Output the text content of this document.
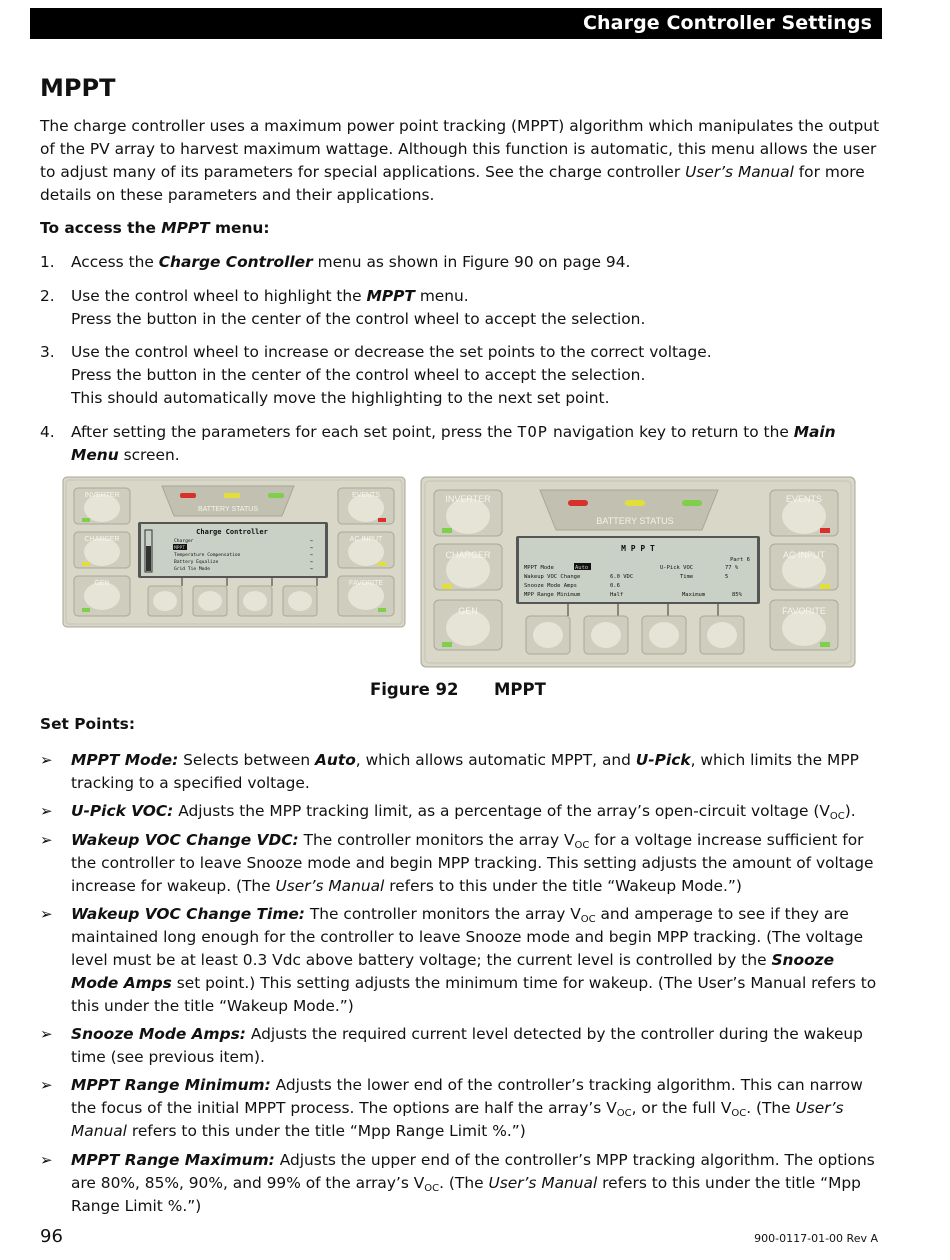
Charge Controller Settings
MPPT
The charge controller uses a maximum power point tracking (MPPT) algorithm which manipulates the output of the PV array to harvest maximum wattage. Although this function is automatic, this menu allows the user to adjust many of its parameters for special applications. See the charge controller User’s Manual for more details on these parameters and their applications.
To access the MPPT menu:
1. Access the Charge Controller menu as shown in Figure 90 on page 94.
2. Use the control wheel to highlight the MPPT menu.
Press the button in the center of the control wheel to accept the selection.
3. Use the control wheel to increase or decrease the set points to the correct voltage.
Press the button in the center of the control wheel to accept the selection.
This should automatically move the highlighting to the next set point.
4. After setting the parameters for each set point, press the TOP navigation key to return to the Main Menu screen.
BATTERY STATUS
INVERTER
CHARGER
GEN
EVENTS
AC INPUT
FAVORITE
Charge Controller
Charger
MPPT
Temperature Compensation
Battery Equalize
Grid Tie Mode
→
→
→
→
→
BATTERY STATUS
INVERTER
CHARGER
GEN
EVENTS
AC INPUT
FAVORITE
M P P T
Part 6
MPPT Mode	Auto	U-Pick VOC	77 %
Wakeup VOC Change	6.0 VDC	Time	5
Snooze Mode Amps	0.6
MPP Range Minimum	Half	Maximum	85%
Figure 92 MPPT
Set Points:
➢ MPPT Mode: Selects between Auto, which allows automatic MPPT, and U-Pick, which limits the MPP tracking to a specified voltage.
➢ U-Pick VOC: Adjusts the MPP tracking limit, as a percentage of the array’s open-circuit voltage $(V_{OC})$.
➢ Wakeup VOC Change VDC: The controller monitors the array $V_{OC}$ for a voltage increase sufficient for the controller to leave Snooze mode and begin MPP tracking. This setting adjusts the amount of voltage increase for wakeup. (The User’s Manual refers to this under the title “Wakeup Mode.”)
➢ Wakeup VOC Change Time: The controller monitors the array $V_{OC}$ and amperage to see if they are maintained long enough for the controller to leave Snooze mode and begin MPP tracking. (The voltage level must be at least 0.3 Vdc above battery voltage; the current level is controlled by the Snooze Mode Amps set point.) This setting adjusts the minimum time for wakeup. (The User’s Manual refers to this under the title “Wakeup Mode.”)
➢ Snooze Mode Amps: Adjusts the required current level detected by the controller during the wakeup time (see previous item).
➢ MPPT Range Minimum: Adjusts the lower end of the controller’s tracking algorithm. This can narrow the focus of the initial MPPT process. The options are half the array’s $V_{OC}$, or the full $V_{OC}$. (The User’s Manual refers to this under the title “Mpp Range Limit %.”)
➢ MPPT Range Maximum: Adjusts the upper end of the controller’s MPP tracking algorithm. The options are 80%, 85%, 90%, and 99% of the array’s $V_{OC}$. (The User’s Manual refers to this under the title “Mpp Range Limit %.”)
96	900-0117-01-00 Rev A
